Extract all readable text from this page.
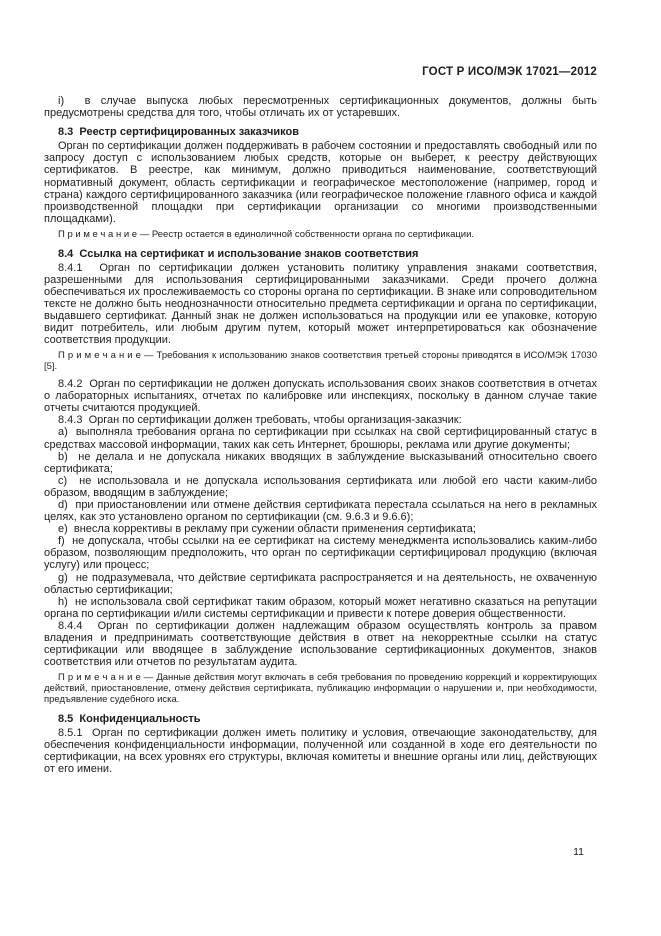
ГОСТ Р ИСО/МЭК 17021—2012

i)  в случае выпуска любых пересмотренных сертификационных документов, должны быть предусмотрены средства для того, чтобы отличать их от устаревших.

8.3  Реестр сертифицированных заказчиков

Орган по сертификации должен поддерживать в рабочем состоянии и предоставлять свободный или по запросу доступ с использованием любых средств, которые он выберет, к реестру действующих сертификатов. В реестре, как минимум, должно приводиться наименование, соответствующий нормативный документ, область сертификации и географическое местоположение (например, город и страна) каждого сертифицированного заказчика (или географическое положение главного офиса и каждой производственной площадки при сертификации организации со многими производственными площадками).

П р и м е ч а н и е — Реестр остается в единоличной собственности органа по сертификации.

8.4  Ссылка на сертификат и использование знаков соответствия

8.4.1  Орган по сертификации должен установить политику управления знаками соответствия, разрешенными для использования сертифицированными заказчиками. Среди прочего должна обеспечиваться их прослеживаемость со стороны органа по сертификации. В знаке или сопроводительном тексте не должно быть неоднозначности относительно предмета сертификации и органа по сертификации, выдавшего сертификат. Данный знак не должен использоваться на продукции или ее упаковке, которую видит потребитель, или любым другим путем, который может интерпретироваться как обозначение соответствия продукции.

П р и м е ч а н и е — Требования к использованию знаков соответствия третьей стороны приводятся в ИСО/МЭК 17030 [5].

8.4.2  Орган по сертификации не должен допускать использования своих знаков соответствия в отчетах о лабораторных испытаниях, отчетах по калибровке или инспекциях, поскольку в данном случае такие отчеты считаются продукцией.

8.4.3  Орган по сертификации должен требовать, чтобы организация-заказчик:

a)  выполняла требования органа по сертификации при ссылках на свой сертифицированный статус в средствах массовой информации, таких как сеть Интернет, брошюры, реклама или другие документы;

b)  не делала и не допускала никаких вводящих в заблуждение высказываний относительно своего сертификата;

c)  не использовала и не допускала использования сертификата или любой его части каким-либо образом, вводящим в заблуждение;

d)  при приостановлении или отмене действия сертификата перестала ссылаться на него в рекламных целях, как это установлено органом по сертификации (см. 9.6.3 и 9.6.6);

e)  внесла коррективы в рекламу при сужении области применения сертификата;

f)  не допускала, чтобы ссылки на ее сертификат на систему менеджмента использовались каким-либо образом, позволяющим предположить, что орган по сертификации сертифицировал продукцию (включая услугу) или процесс;

g)  не подразумевала, что действие сертификата распространяется и на деятельность, не охваченную областью сертификации;

h)  не использовала свой сертификат таким образом, который может негативно сказаться на репутации органа по сертификации и/или системы сертификации и привести к потере доверия общественности.

8.4.4  Орган по сертификации должен надлежащим образом осуществлять контроль за правом владения и предпринимать соответствующие действия в ответ на некорректные ссылки на статус сертификации или вводящее в заблуждение использование сертификационных документов, знаков соответствия или отчетов по результатам аудита.

П р и м е ч а н и е — Данные действия могут включать в себя требования по проведению коррекций и корректирующих действий, приостановление, отмену действия сертификата, публикацию информации о нарушении и, при необходимости, предъявление судебного иска.

8.5  Конфиденциальность

8.5.1  Орган по сертификации должен иметь политику и условия, отвечающие законодательству, для обеспечения конфиденциальности информации, полученной или созданной в ходе его деятельности по сертификации, на всех уровнях его структуры, включая комитеты и внешние органы или лиц, действующих от его имени.

11
